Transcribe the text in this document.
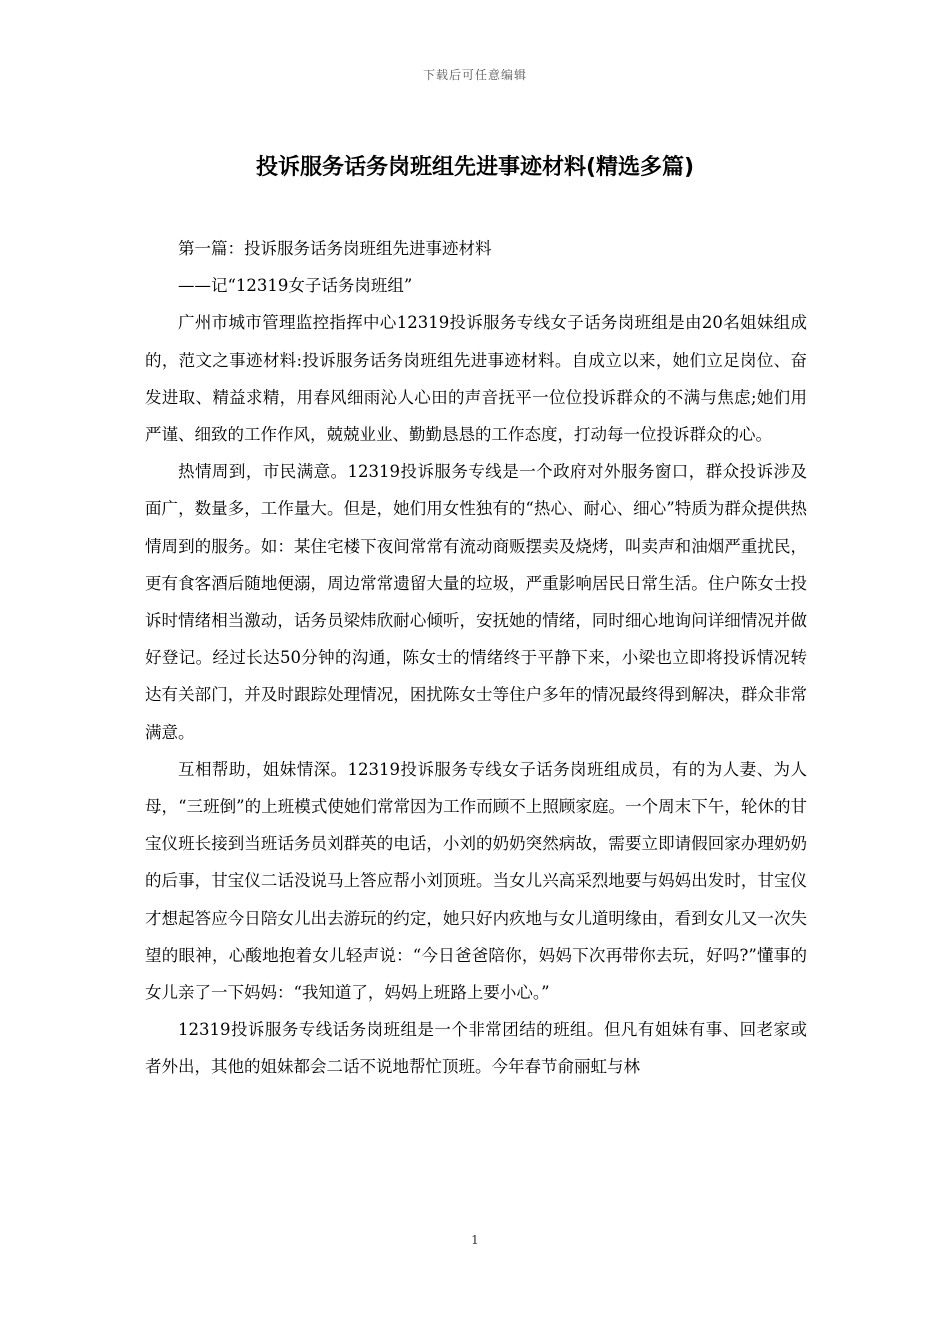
下载后可任意编辑
投诉服务话务岗班组先进事迹材料(精选多篇)

第一篇：投诉服务话务岗班组先进事迹材料

——记“12319女子话务岗班组”

广州市城市管理监控指挥中心12319投诉服务专线女子话务岗班组是由20名姐妹组成的，范文之事迹材料:投诉服务话务岗班组先进事迹材料。自成立以来，她们立足岗位、奋发进取、精益求精，用春风细雨沁人心田的声音抚平一位位投诉群众的不满与焦虑;她们用严谨、细致的工作作风，兢兢业业、勤勤恳恳的工作态度，打动每一位投诉群众的心。

热情周到，市民满意。12319投诉服务专线是一个政府对外服务窗口，群众投诉涉及面广，数量多，工作量大。但是，她们用女性独有的“热心、耐心、细心”特质为群众提供热情周到的服务。如：某住宅楼下夜间常常有流动商贩摆卖及烧烤，叫卖声和油烟严重扰民，更有食客酒后随地便溺，周边常常遗留大量的垃圾，严重影响居民日常生活。住户陈女士投诉时情绪相当激动，话务员梁炜欣耐心倾听，安抚她的情绪，同时细心地询问详细情况并做好登记。经过长达50分钟的沟通，陈女士的情绪终于平静下来，小梁也立即将投诉情况转达有关部门，并及时跟踪处理情况，困扰陈女士等住户多年的情况最终得到解决，群众非常满意。

互相帮助，姐妹情深。12319投诉服务专线女子话务岗班组成员，有的为人妻、为人母，“三班倒”的上班模式使她们常常因为工作而顾不上照顾家庭。一个周末下午，轮休的甘宝仪班长接到当班话务员刘群英的电话，小刘的奶奶突然病故，需要立即请假回家办理奶奶的后事，甘宝仪二话没说马上答应帮小刘顶班。当女儿兴高采烈地要与妈妈出发时，甘宝仪才想起答应今日陪女儿出去游玩的约定，她只好内疚地与女儿道明缘由，看到女儿又一次失望的眼神，心酸地抱着女儿轻声说：“今日爸爸陪你，妈妈下次再带你去玩，好吗?”懂事的女儿亲了一下妈妈：“我知道了，妈妈上班路上要小心。”

12319投诉服务专线话务岗班组是一个非常团结的班组。但凡有姐妹有事、回老家或者外出，其他的姐妹都会二话不说地帮忙顶班。今年春节俞丽虹与林

1
